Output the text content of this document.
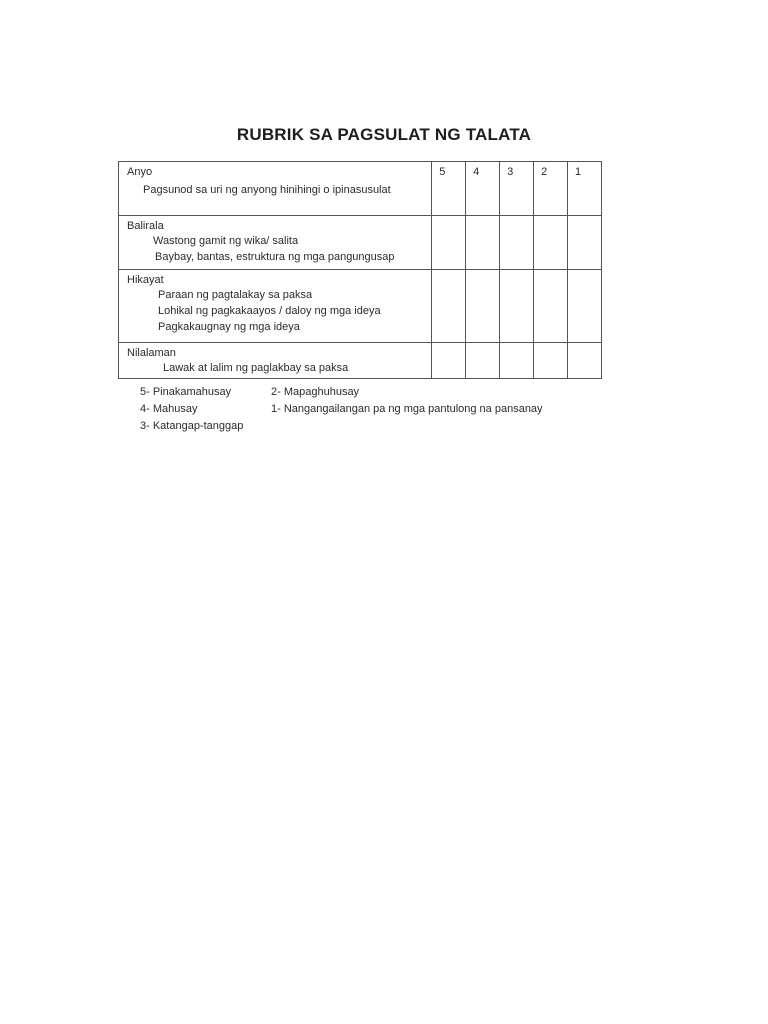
RUBRIK SA PAGSULAT NG TALATA
Anyo
Pagsunod sa uri ng anyong hinihingi o ipinasusulat	5	4	3	2	1

Balirala
Wastong gamit ng wika/ salita
Baybay, bantas, estruktura ng mga pangungusap					

Hikayat
Paraan ng pagtalakay sa paksa
Lohikal ng pagkakaayos / daloy ng mga ideya
Pagkakaugnay ng mga ideya					

Nilalaman
Lawak at lalim ng paglakbay sa paksa					

5- Pinakamahusay
4- Mahusay
3- Katangap-tanggap
2- Mapaghuhusay
1- Nangangailangan pa ng mga pantulong na pansanay
